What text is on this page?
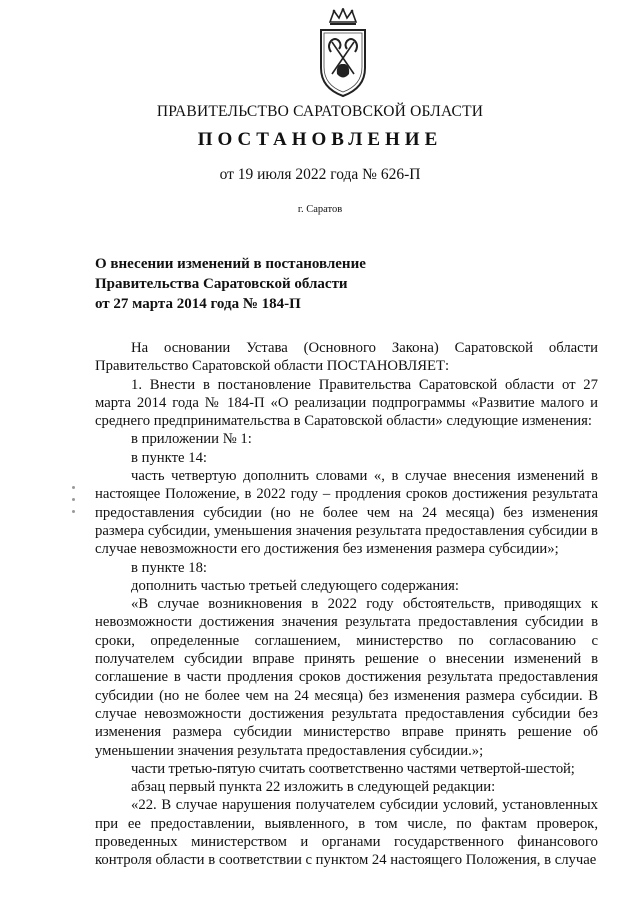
ПРАВИТЕЛЬСТВО САРАТОВСКОЙ ОБЛАСТИ
ПОСТАНОВЛЕНИЕ
от 19 июля 2022 года № 626-П
г. Саратов
О внесении изменений в постановление
Правительства Саратовской области
от 27 марта 2014 года № 184-П

На основании Устава (Основного Закона) Саратовской области Правительство Саратовской области ПОСТАНОВЛЯЕТ:

1. Внести в постановление Правительства Саратовской области от 27 марта 2014 года № 184-П «О реализации подпрограммы «Развитие малого и среднего предпринимательства в Саратовской области» следующие изменения:

в приложении № 1:

в пункте 14:

часть четвертую дополнить словами «, в случае внесения изменений в настоящее Положение, в 2022 году – продления сроков достижения результата предоставления субсидии (но не более чем на 24 месяца) без изменения размера субсидии, уменьшения значения результата предоставления субсидии в случае невозможности его достижения без изменения размера субсидии»;

в пункте 18:

дополнить частью третьей следующего содержания:

«В случае возникновения в 2022 году обстоятельств, приводящих к невозможности достижения значения результата предоставления субсидии в сроки, определенные соглашением, министерство по согласованию с получателем субсидии вправе принять решение о внесении изменений в соглашение в части продления сроков достижения результата предоставления субсидии (но не более чем на 24 месяца) без изменения размера субсидии. В случае невозможности достижения результата предоставления субсидии без изменения размера субсидии министерство вправе принять решение об уменьшении значения результата предоставления субсидии.»;

части третью-пятую считать соответственно частями четвертой-шестой;

абзац первый пункта 22 изложить в следующей редакции:

«22. В случае нарушения получателем субсидии условий, установленных при ее предоставлении, выявленного, в том числе, по фактам проверок, проведенных министерством и органами государственного финансового контроля области в соответствии с пунктом 24 настоящего Положения, в случае
